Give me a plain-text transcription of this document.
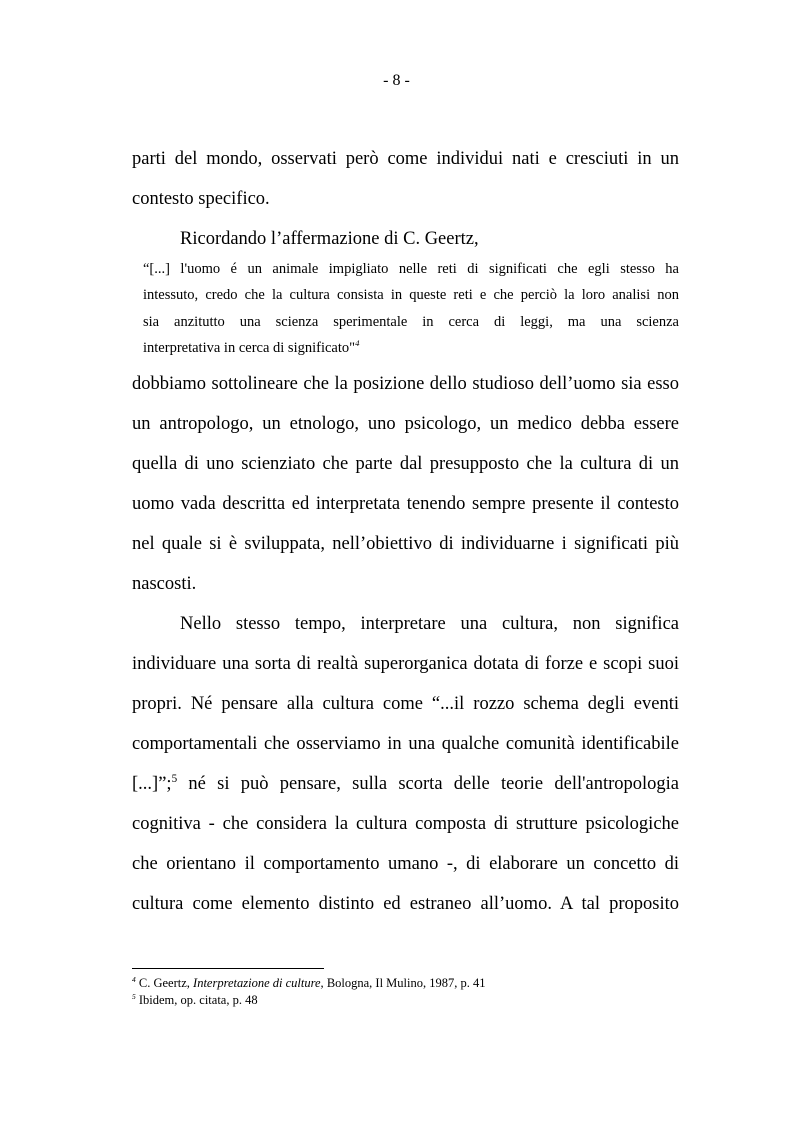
- 8 -
parti del mondo, osservati però come individui nati e cresciuti in un
contesto specifico.
Ricordando l’affermazione di C. Geertz,
“[...] l'uomo é un animale impigliato nelle reti di significati che egli stesso ha
intessuto, credo che la cultura consista in queste reti e che perciò la loro analisi non
sia anzitutto una scienza sperimentale in cerca di leggi, ma una scienza
interpretativa in cerca di significato"$^4$
dobbiamo sottolineare che la posizione dello studioso dell’uomo sia esso
un antropologo, un etnologo, uno psicologo, un medico debba essere
quella di uno scienziato che parte dal presupposto che la cultura di un
uomo vada descritta ed interpretata tenendo sempre presente il contesto
nel quale si è sviluppata, nell’obiettivo di individuarne i significati più
nascosti.
Nello stesso tempo, interpretare una cultura, non significa
individuare una sorta di realtà superorganica dotata di forze e scopi suoi
propri. Né pensare alla cultura come “...il rozzo schema degli eventi
comportamentali che osserviamo in una qualche comunità identificabile
[...]”;$^5$ né si può pensare, sulla scorta delle teorie dell'antropologia
cognitiva - che considera la cultura composta di strutture psicologiche
che orientano il comportamento umano -, di elaborare un concetto di
cultura come elemento distinto ed estraneo all’uomo. A tal proposito
$^4$ C. Geertz, Interpretazione di culture, Bologna, Il Mulino, 1987, p. 41
$^5$ Ibidem, op. citata, p. 48
